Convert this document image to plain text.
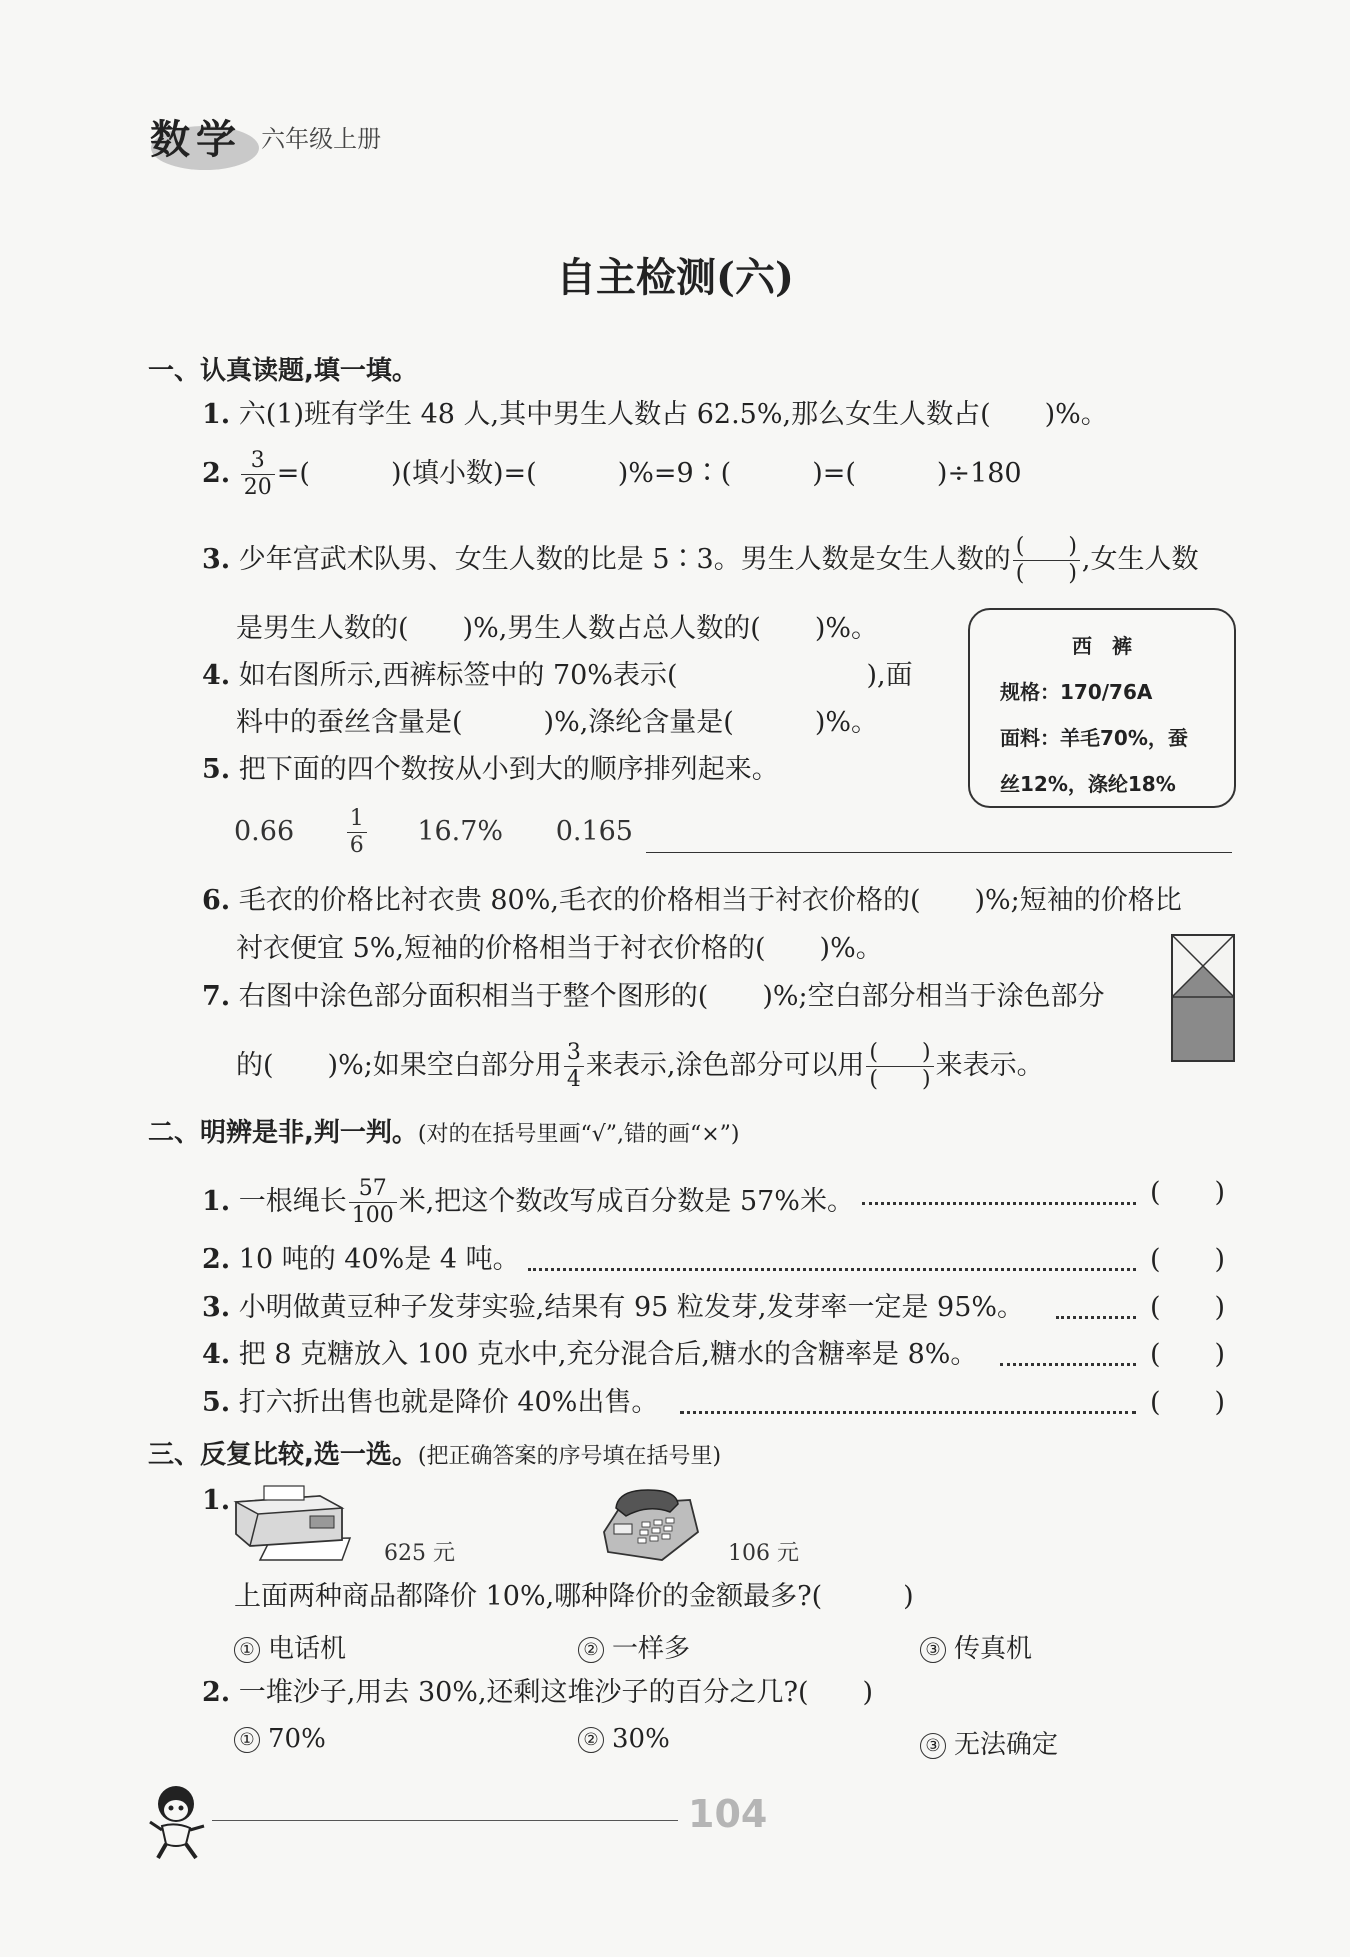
数学 六年级上册
自主检测(六)
一、认真读题,填一填。
1. 六(1)班有学生 48 人,其中男生人数占 62.5%,那么女生人数占(　　)%。
2. $\frac{3}{20}$ =(　　　)(填小数)=(　　　)%=9∶(　　　)=(　　　)÷180
3. 少年宫武术队男、女生人数的比是 5∶3。男生人数是女生人数的 $\frac{( )}{( )}$ ,女生人数
是男生人数的(　　)%,男生人数占总人数的(　　)%。
4. 如右图所示,西裤标签中的 70%表示(　　　　　　　),面
料中的蚕丝含量是(　　　)%,涤纶含量是(　　　)%。
西　裤
规格：170/76A
面料：羊毛70%，蚕
丝12%，涤纶18%
5. 把下面的四个数按从小到大的顺序排列起来。
$0.66 \frac{1}{6} 16.7\%$ 0.165
6. 毛衣的价格比衬衣贵 80%,毛衣的价格相当于衬衣价格的(　　)%;短袖的价格比
衬衣便宜 5%,短袖的价格相当于衬衣价格的(　　)%。
7. 右图中涂色部分面积相当于整个图形的(　　)%;空白部分相当于涂色部分
的(　　)%;如果空白部分用 $\frac{3}{4}$ 来表示,涂色部分可以用 $\frac{( )}{( )}$ 来表示。
二、明辨是非,判一判。(对的在括号里画“√”,错的画“×”)
1. 一根绳长 $\frac{57}{100}$ 米,把这个数改写成百分数是 57%米。	(　　)
2. 10 吨的 40%是 4 吨。	(　　)
3. 小明做黄豆种子发芽实验,结果有 95 粒发芽,发芽率一定是 95%。	(　　)
4. 把 8 克糖放入 100 克水中,充分混合后,糖水的含糖率是 8%。	(　　)
5. 打六折出售也就是降价 40%出售。	(　　)
三、反复比较,选一选。(把正确答案的序号填在括号里)
1.
625 元	106 元
上面两种商品都降价 10%,哪种降价的金额最多?(　　　)
① 电话机	② 一样多	③ 传真机
2. 一堆沙子,用去 30%,还剩这堆沙子的百分之几?(　　)
① 70%	② 30%	③ 无法确定
104
